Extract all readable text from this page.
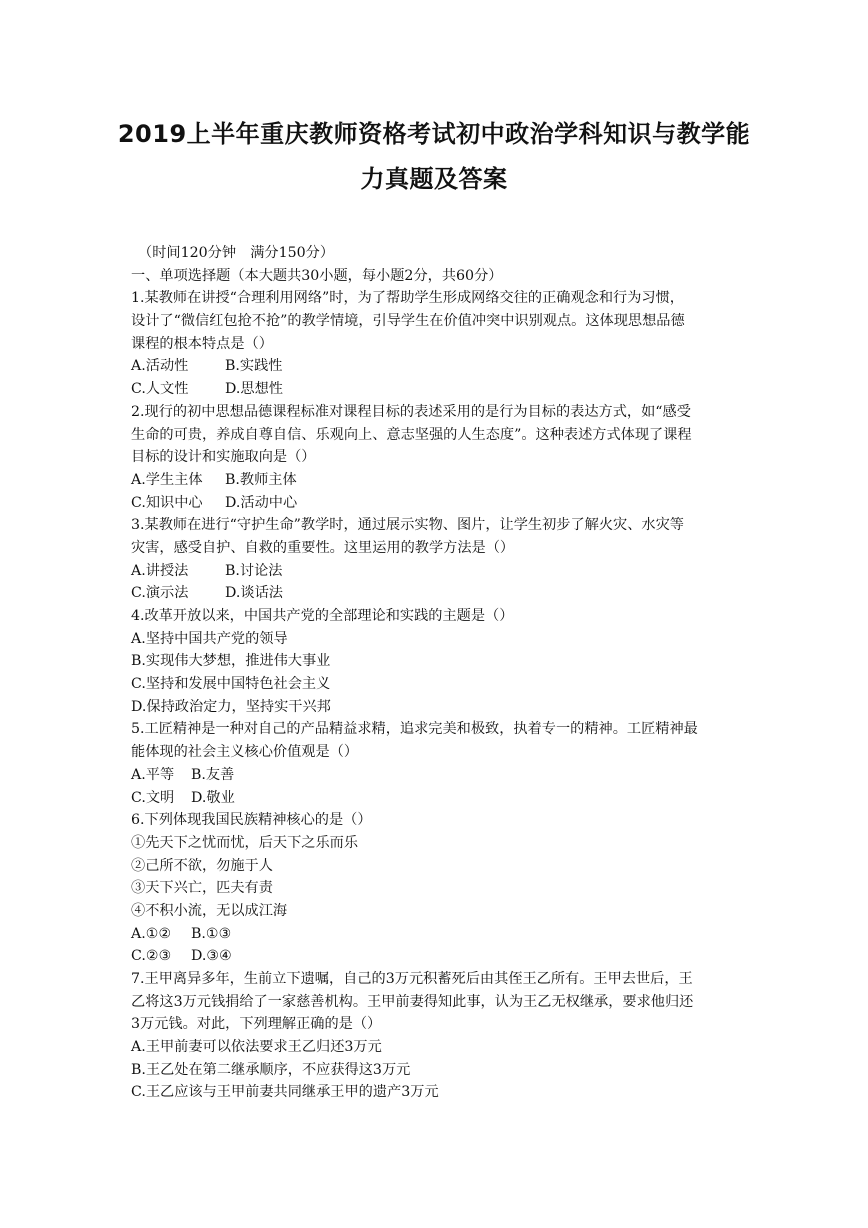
2019上半年重庆教师资格考试初中政治学科知识与教学能
力真题及答案
（时间120分钟　满分150分）
一、单项选择题（本大题共30小题，每小题2分，共60分）
1.某教师在讲授“合理利用网络”时，为了帮助学生形成网络交往的正确观念和行为习惯，
设计了“微信红包抢不抢”的教学情境，引导学生在价值冲突中识别观点。这体现思想品德
课程的根本特点是（）
A.活动性	B.实践性
C.人文性	D.思想性
2.现行的初中思想品德课程标准对课程目标的表述采用的是行为目标的表达方式，如“感受
生命的可贵，养成自尊自信、乐观向上、意志坚强的人生态度”。这种表述方式体现了课程
目标的设计和实施取向是（）
A.学生主体 B.教师主体
C.知识中心 D.活动中心
3.某教师在进行“守护生命”教学时，通过展示实物、图片，让学生初步了解火灾、水灾等
灾害，感受自护、自救的重要性。这里运用的教学方法是（）
A.讲授法	B.讨论法
C.演示法	D.谈话法
4.改革开放以来，中国共产党的全部理论和实践的主题是（）
A.坚持中国共产党的领导
B.实现伟大梦想，推进伟大事业
C.坚持和发展中国特色社会主义
D.保持政治定力，坚持实干兴邦
5.工匠精神是一种对自己的产品精益求精，追求完美和极致，执着专一的精神。工匠精神最
能体现的社会主义核心价值观是（）
A.平等 B.友善
C.文明 D.敬业
6.下列体现我国民族精神核心的是（）
①先天下之忧而忧，后天下之乐而乐
②己所不欲，勿施于人
③天下兴亡，匹夫有责
④不积小流，无以成江海
A.①② B.①③
C.②③ D.③④
7.王甲离异多年，生前立下遗嘱，自己的3万元积蓄死后由其侄王乙所有。王甲去世后，王
乙将这3万元钱捐给了一家慈善机构。王甲前妻得知此事，认为王乙无权继承，要求他归还
3万元钱。对此，下列理解正确的是（）
A.王甲前妻可以依法要求王乙归还3万元
B.王乙处在第二继承顺序，不应获得这3万元
C.王乙应该与王甲前妻共同继承王甲的遗产3万元
